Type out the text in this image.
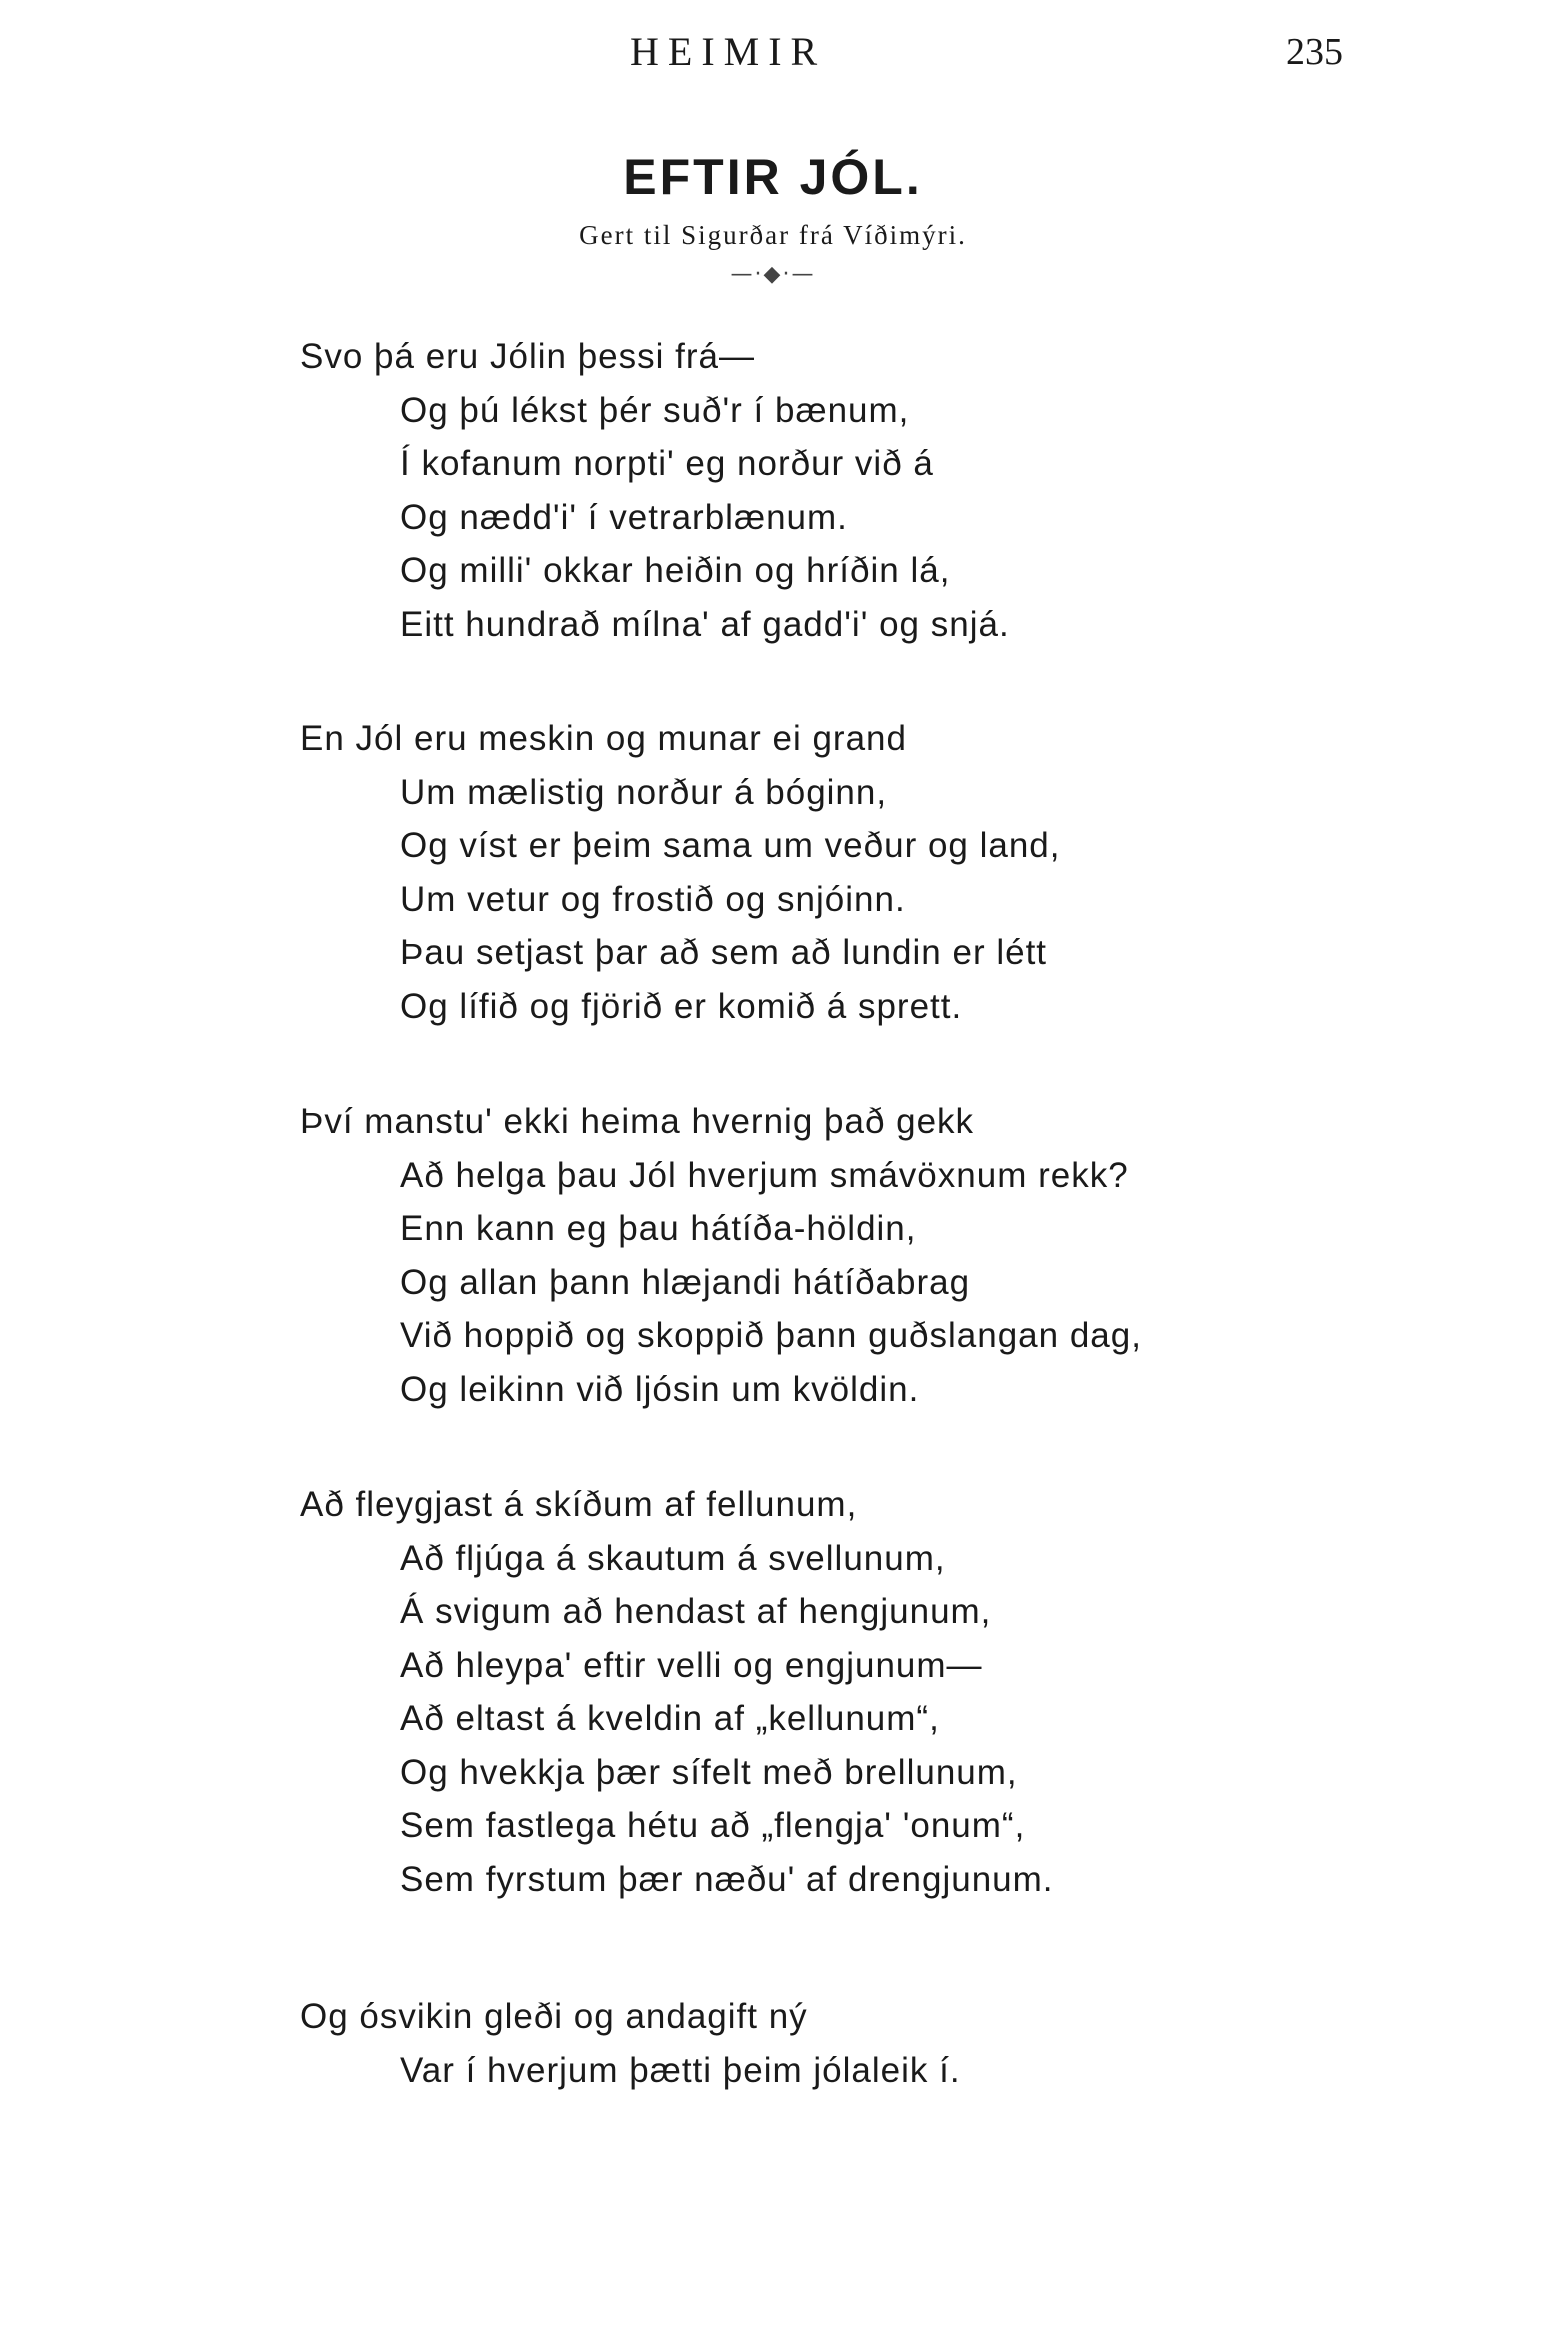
HEIMIR	235
EFTIR JÓL.
Gert til Sigurðar frá Víðimýri.
—·◆·—
Svo þá eru Jólin þessi frá—
Og þú lékst þér suð'r í bænum,
Í kofanum norpti' eg norður við á
Og nædd'i' í vetrarblænum.
Og milli' okkar heiðin og hríðin lá,
Eitt hundrað mílna' af gadd'i' og snjá.
En Jól eru meskin og munar ei grand
Um mælistig norður á bóginn,
Og víst er þeim sama um veður og land,
Um vetur og frostið og snjóinn.
Þau setjast þar að sem að lundin er létt
Og lífið og fjörið er komið á sprett.
Því manstu' ekki heima hvernig það gekk
Að helga þau Jól hverjum smávöxnum rekk?
Enn kann eg þau hátíða-höldin,
Og allan þann hlæjandi hátíðabrag
Við hoppið og skoppið þann guðslangan dag,
Og leikinn við ljósin um kvöldin.
Að fleygjast á skíðum af fellunum,
Að fljúga á skautum á svellunum,
Á svigum að hendast af hengjunum,
Að hleypa' eftir velli og engjunum—
Að eltast á kveldin af „kellunum“,
Og hvekkja þær sífelt með brellunum,
Sem fastlega hétu að „flengja' 'onum“,
Sem fyrstum þær næðu' af drengjunum.
Og ósvikin gleði og andagift ný
Var í hverjum þætti þeim jólaleik í.
